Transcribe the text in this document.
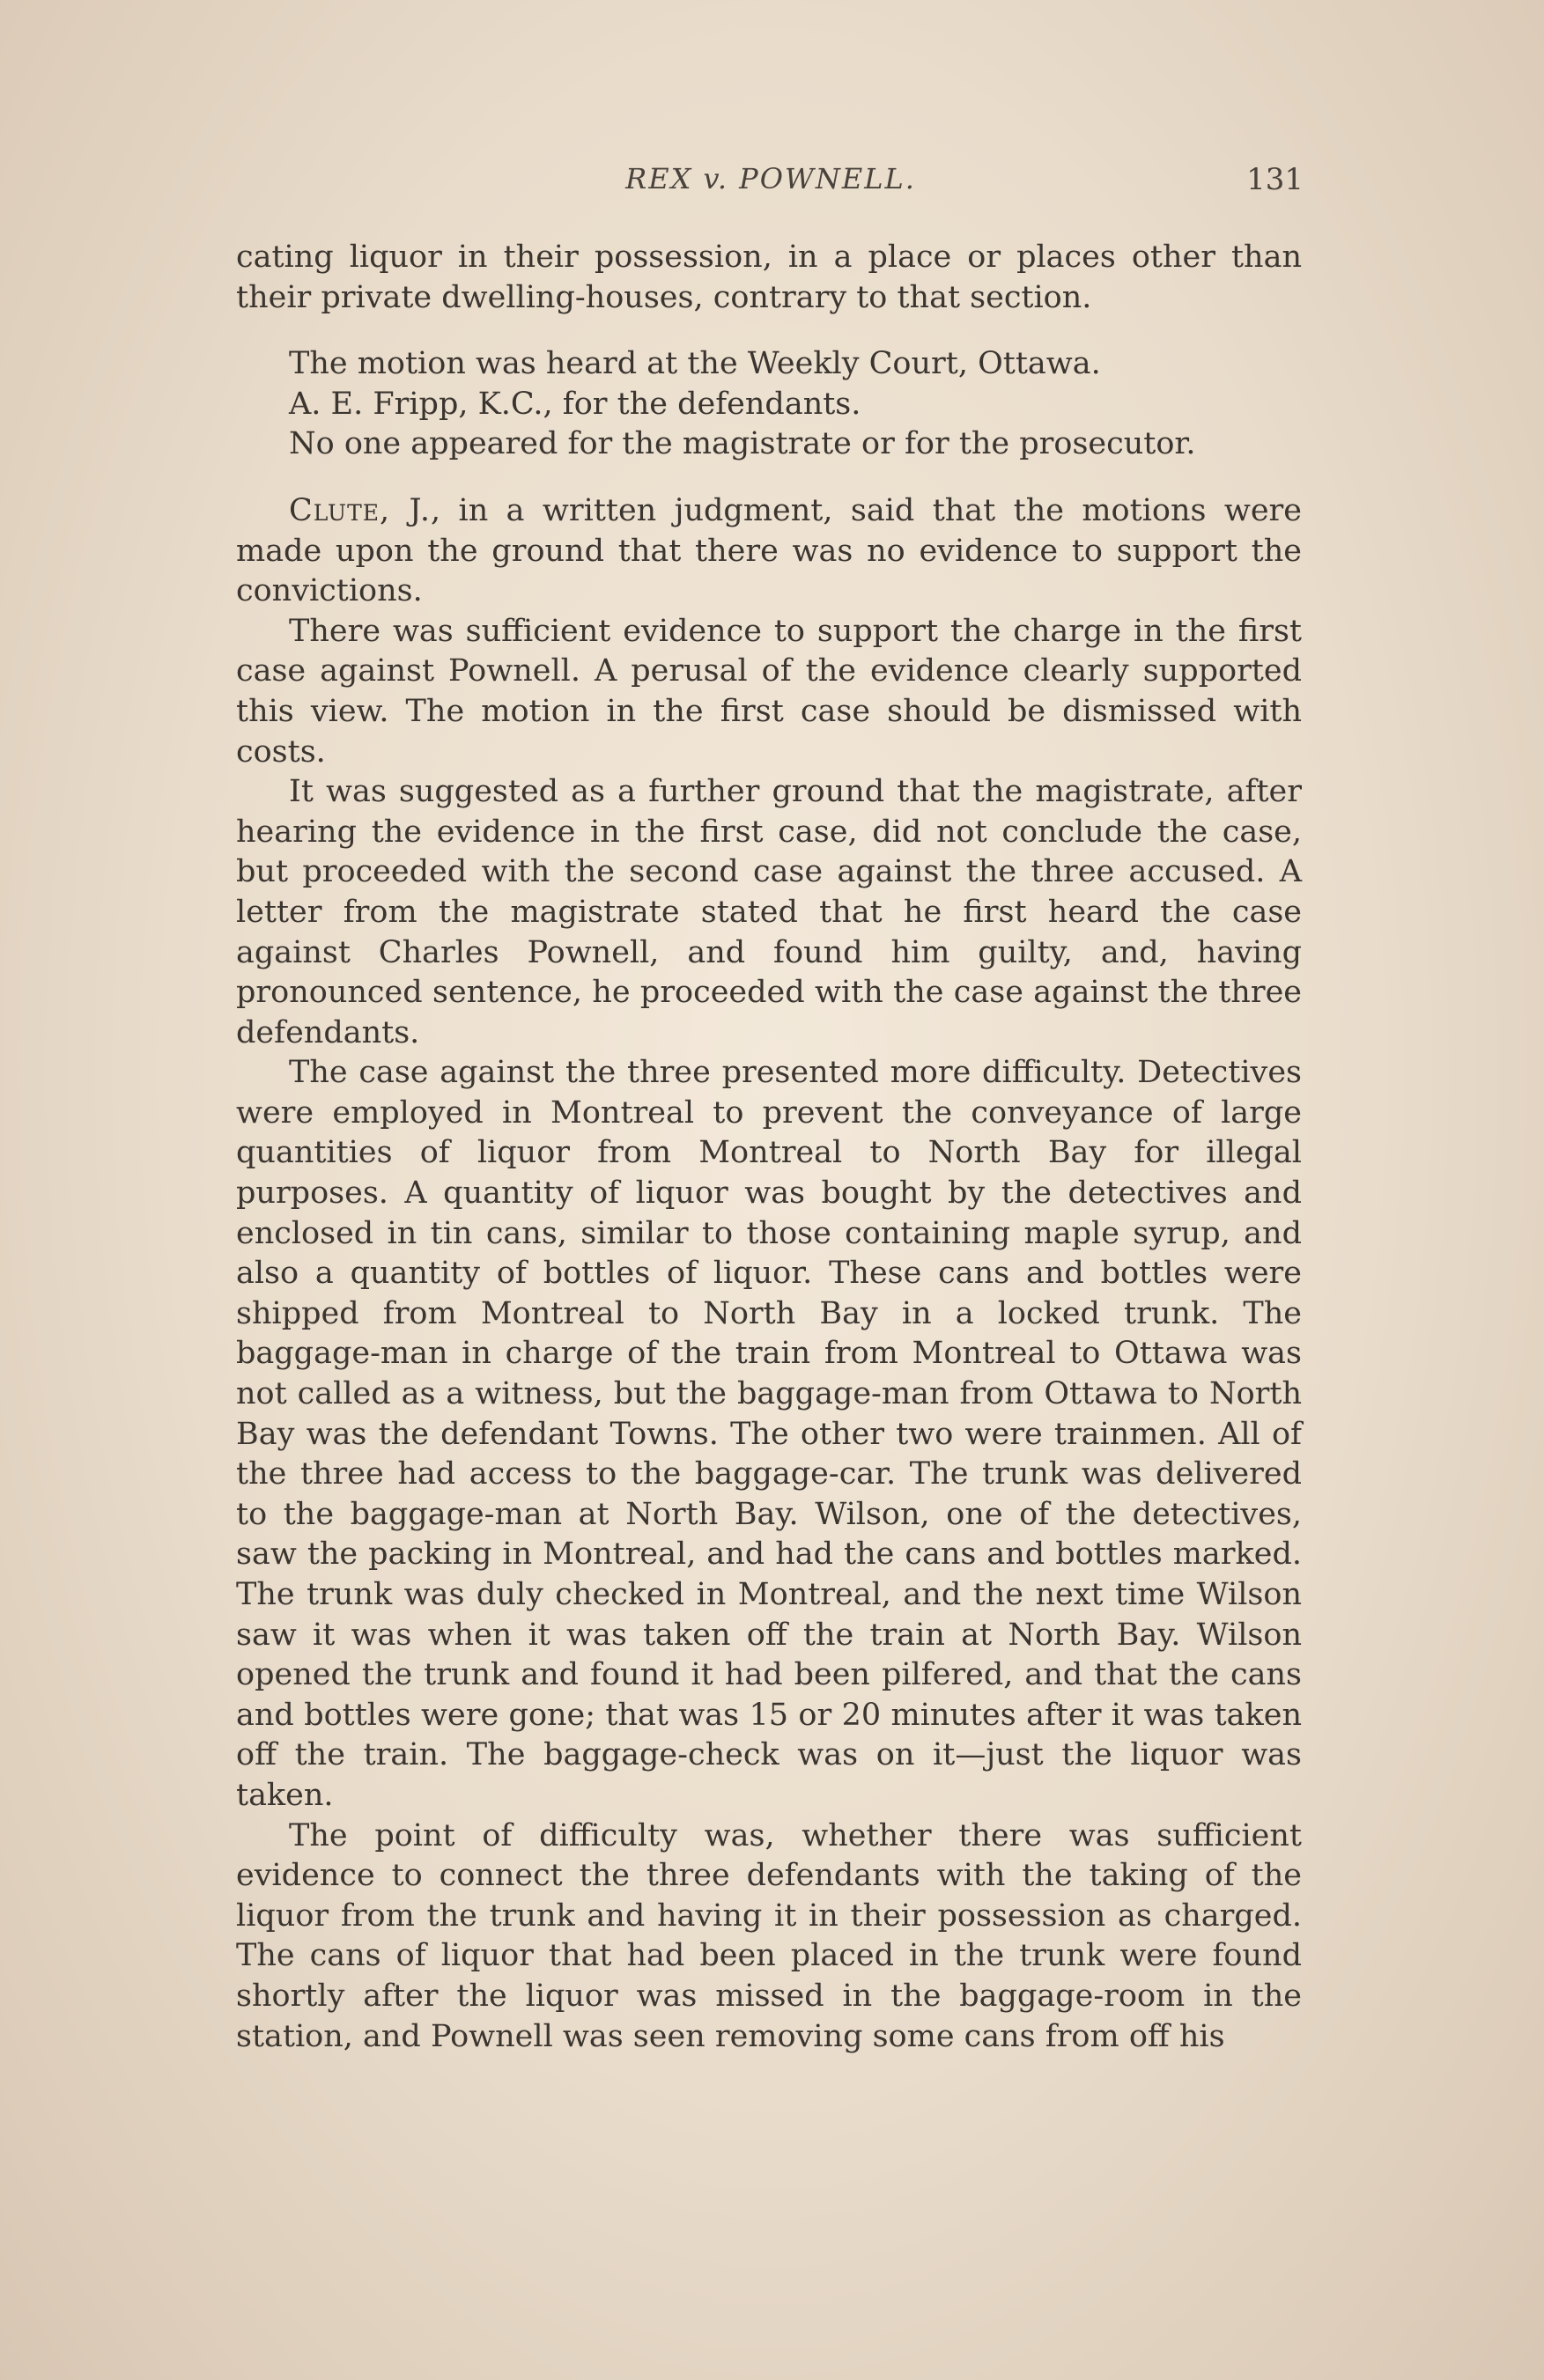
REX v. POWNELL.	131

cating liquor in their possession, in a place or places other than their private dwelling-houses, contrary to that section.

The motion was heard at the Weekly Court, Ottawa.

A. E. Fripp, K.C., for the defendants.

No one appeared for the magistrate or for the prosecutor.

Clute, J., in a written judgment, said that the motions were made upon the ground that there was no evidence to support the convictions.

There was sufficient evidence to support the charge in the first case against Pownell. A perusal of the evidence clearly supported this view. The motion in the first case should be dismissed with costs.

It was suggested as a further ground that the magistrate, after hearing the evidence in the first case, did not conclude the case, but proceeded with the second case against the three accused. A letter from the magistrate stated that he first heard the case against Charles Pownell, and found him guilty, and, having pronounced sentence, he proceeded with the case against the three defendants.

The case against the three presented more difficulty. Detectives were employed in Montreal to prevent the conveyance of large quantities of liquor from Montreal to North Bay for illegal purposes. A quantity of liquor was bought by the detectives and enclosed in tin cans, similar to those containing maple syrup, and also a quantity of bottles of liquor. These cans and bottles were shipped from Montreal to North Bay in a locked trunk. The baggage-man in charge of the train from Montreal to Ottawa was not called as a witness, but the baggage-man from Ottawa to North Bay was the defendant Towns. The other two were trainmen. All of the three had access to the baggage-car. The trunk was delivered to the baggage-man at North Bay. Wilson, one of the detectives, saw the packing in Montreal, and had the cans and bottles marked. The trunk was duly checked in Montreal, and the next time Wilson saw it was when it was taken off the train at North Bay. Wilson opened the trunk and found it had been pilfered, and that the cans and bottles were gone; that was 15 or 20 minutes after it was taken off the train. The baggage-check was on it—just the liquor was taken.

The point of difficulty was, whether there was sufficient evidence to connect the three defendants with the taking of the liquor from the trunk and having it in their possession as charged. The cans of liquor that had been placed in the trunk were found shortly after the liquor was missed in the baggage-room in the station, and Pownell was seen removing some cans from off his
